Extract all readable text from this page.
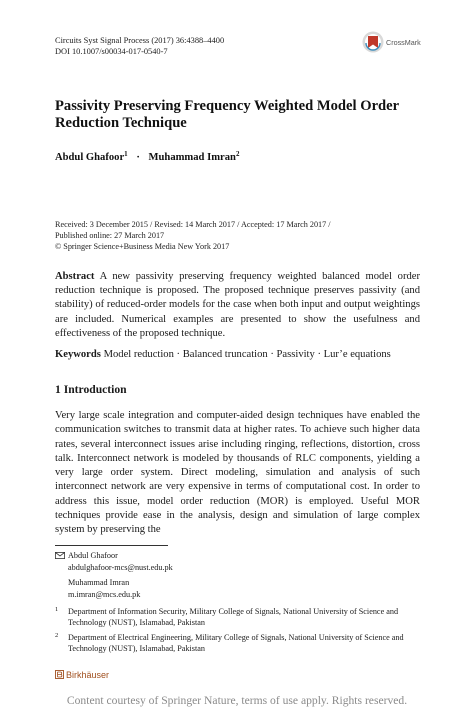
Circuits Syst Signal Process (2017) 36:4388–4400
DOI 10.1007/s00034-017-0540-7
CrossMark
Passivity Preserving Frequency Weighted Model Order Reduction Technique
Abdul Ghafoor$^1$ · Muhammad Imran$^2$
Received: 3 December 2015 / Revised: 14 March 2017 / Accepted: 17 March 2017 /
Published online: 27 March 2017
© Springer Science+Business Media New York 2017
Abstract A new passivity preserving frequency weighted balanced model order reduction technique is proposed. The proposed technique preserves passivity (and stability) of reduced-order models for the case when both input and output weightings are included. Numerical examples are presented to show the usefulness and effectiveness of the proposed technique.
Keywords Model reduction · Balanced truncation · Passivity · Lur’e equations
1 Introduction
Very large scale integration and computer-aided design techniques have enabled the communication switches to transmit data at higher rates. To achieve such higher data rates, several interconnect issues arise including ringing, reflections, distortion, cross talk. Interconnect network is modeled by thousands of RLC components, yielding a very large order system. Direct modeling, simulation and analysis of such interconnect network are very expensive in terms of computational cost. In order to address this issue, model order reduction (MOR) is employed. Useful MOR techniques provide ease in the analysis, design and simulation of large complex system by preserving the
Abdul Ghafoor
abdulghafoor-mcs@nust.edu.pk
Muhammad Imran
m.imran@mcs.edu.pk
1 Department of Information Security, Military College of Signals, National University of Science and Technology (NUST), Islamabad, Pakistan
2 Department of Electrical Engineering, Military College of Signals, National University of Science and Technology (NUST), Islamabad, Pakistan
Birkhäuser
Content courtesy of Springer Nature, terms of use apply. Rights reserved.
